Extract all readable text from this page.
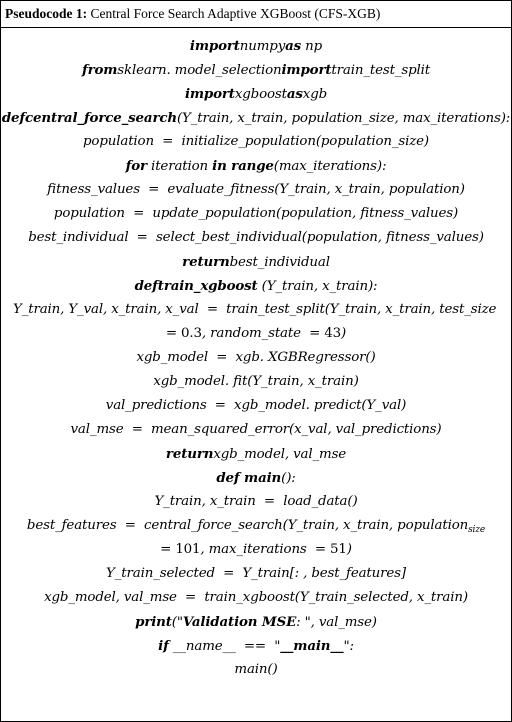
Pseudocode 1: Central Force Search Adaptive XGBoost (CFS-XGB)
importnumpyas np
fromsklearn. model_selectionimporttrain_test_split
importxgboostasxgb
defcentral_force_search(Y_train, x_train, population_size, max_iterations):
population  =  initialize_population(population_size)
for iteration in range(max_iterations):
fitness_values  =  evaluate_fitness(Y_train, x_train, population)
population  =  update_population(population, fitness_values)
best_individual  =  select_best_individual(population, fitness_values)
returnbest_individual
deftrain_xgboost (Y_train, x_train):
Y_train, Y_val, x_train, x_val  =  train_test_split(Y_train, x_train, test_size
= 0.3, random_state  = 43)
xgb_model  =  xgb. XGBRegressor()
xgb_model. fit(Y_train, x_train)
val_predictions  =  xgb_model. predict(Y_val)
val_mse  =  mean_squared_error(x_val, val_predictions)
returnxgb_model, val_mse
def main():
Y_train, x_train  =  load_data()
best_features  =  central_force_search(Y_train, x_train, population$_{size}$
= 101, max_iterations  = 51)
Y_train_selected  =  Y_train[: , best_features]
xgb_model, val_mse  =  train_xgboost(Y_train_selected, x_train)
print("Validation MSE: ", val_mse)
if __name__  ==  "__main__":
main()
